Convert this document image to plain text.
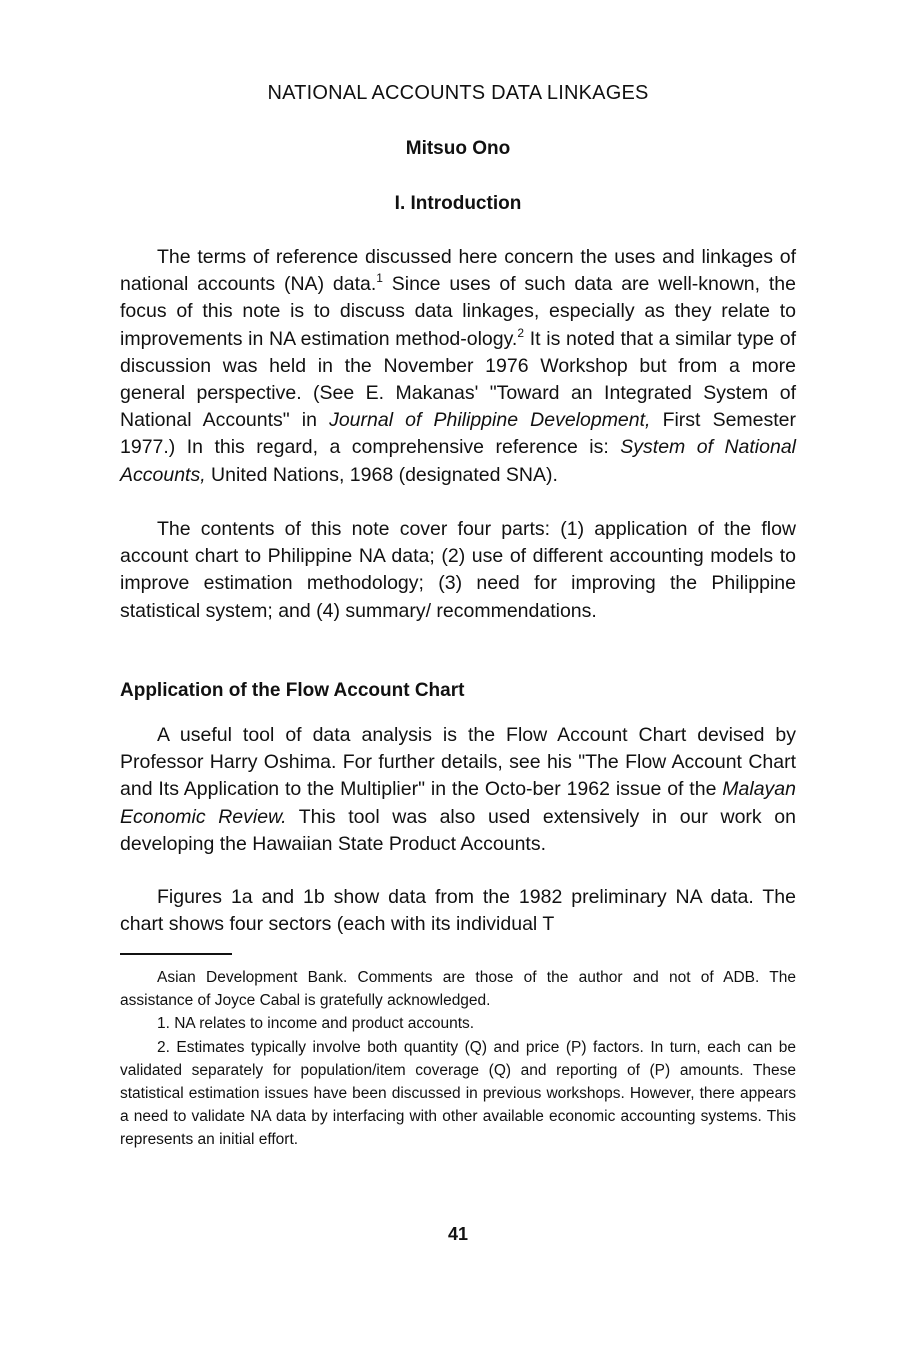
NATIONAL ACCOUNTS DATA LINKAGES
Mitsuo Ono
I. Introduction

The terms of reference discussed here concern the uses and linkages of national accounts (NA) data.$^1$ Since uses of such data are well-known, the focus of this note is to discuss data linkages, especially as they relate to improvements in NA estimation method-ology.$^2$ It is noted that a similar type of discussion was held in the November 1976 Workshop but from a more general perspective. (See E. Makanas' "Toward an Integrated System of National Accounts" in Journal of Philippine Development, First Semester 1977.) In this regard, a comprehensive reference is: System of National Accounts, United Nations, 1968 (designated SNA).

The contents of this note cover four parts: (1) application of the flow account chart to Philippine NA data; (2) use of different accounting models to improve estimation methodology; (3) need for improving the Philippine statistical system; and (4) summary/ recommendations.

Application of the Flow Account Chart

A useful tool of data analysis is the Flow Account Chart devised by Professor Harry Oshima. For further details, see his "The Flow Account Chart and Its Application to the Multiplier" in the Octo-ber 1962 issue of the Malayan Economic Review. This tool was also used extensively in our work on developing the Hawaiian State Product Accounts.

Figures 1a and 1b show data from the 1982 preliminary NA data. The chart shows four sectors (each with its individual T

Asian Development Bank. Comments are those of the author and not of ADB. The assistance of Joyce Cabal is gratefully acknowledged.

1. NA relates to income and product accounts.

2. Estimates typically involve both quantity (Q) and price (P) factors. In turn, each can be validated separately for population/item coverage (Q) and reporting of (P) amounts. These statistical estimation issues have been discussed in previous workshops. However, there appears a need to validate NA data by interfacing with other available economic accounting systems. This represents an initial effort.

41
